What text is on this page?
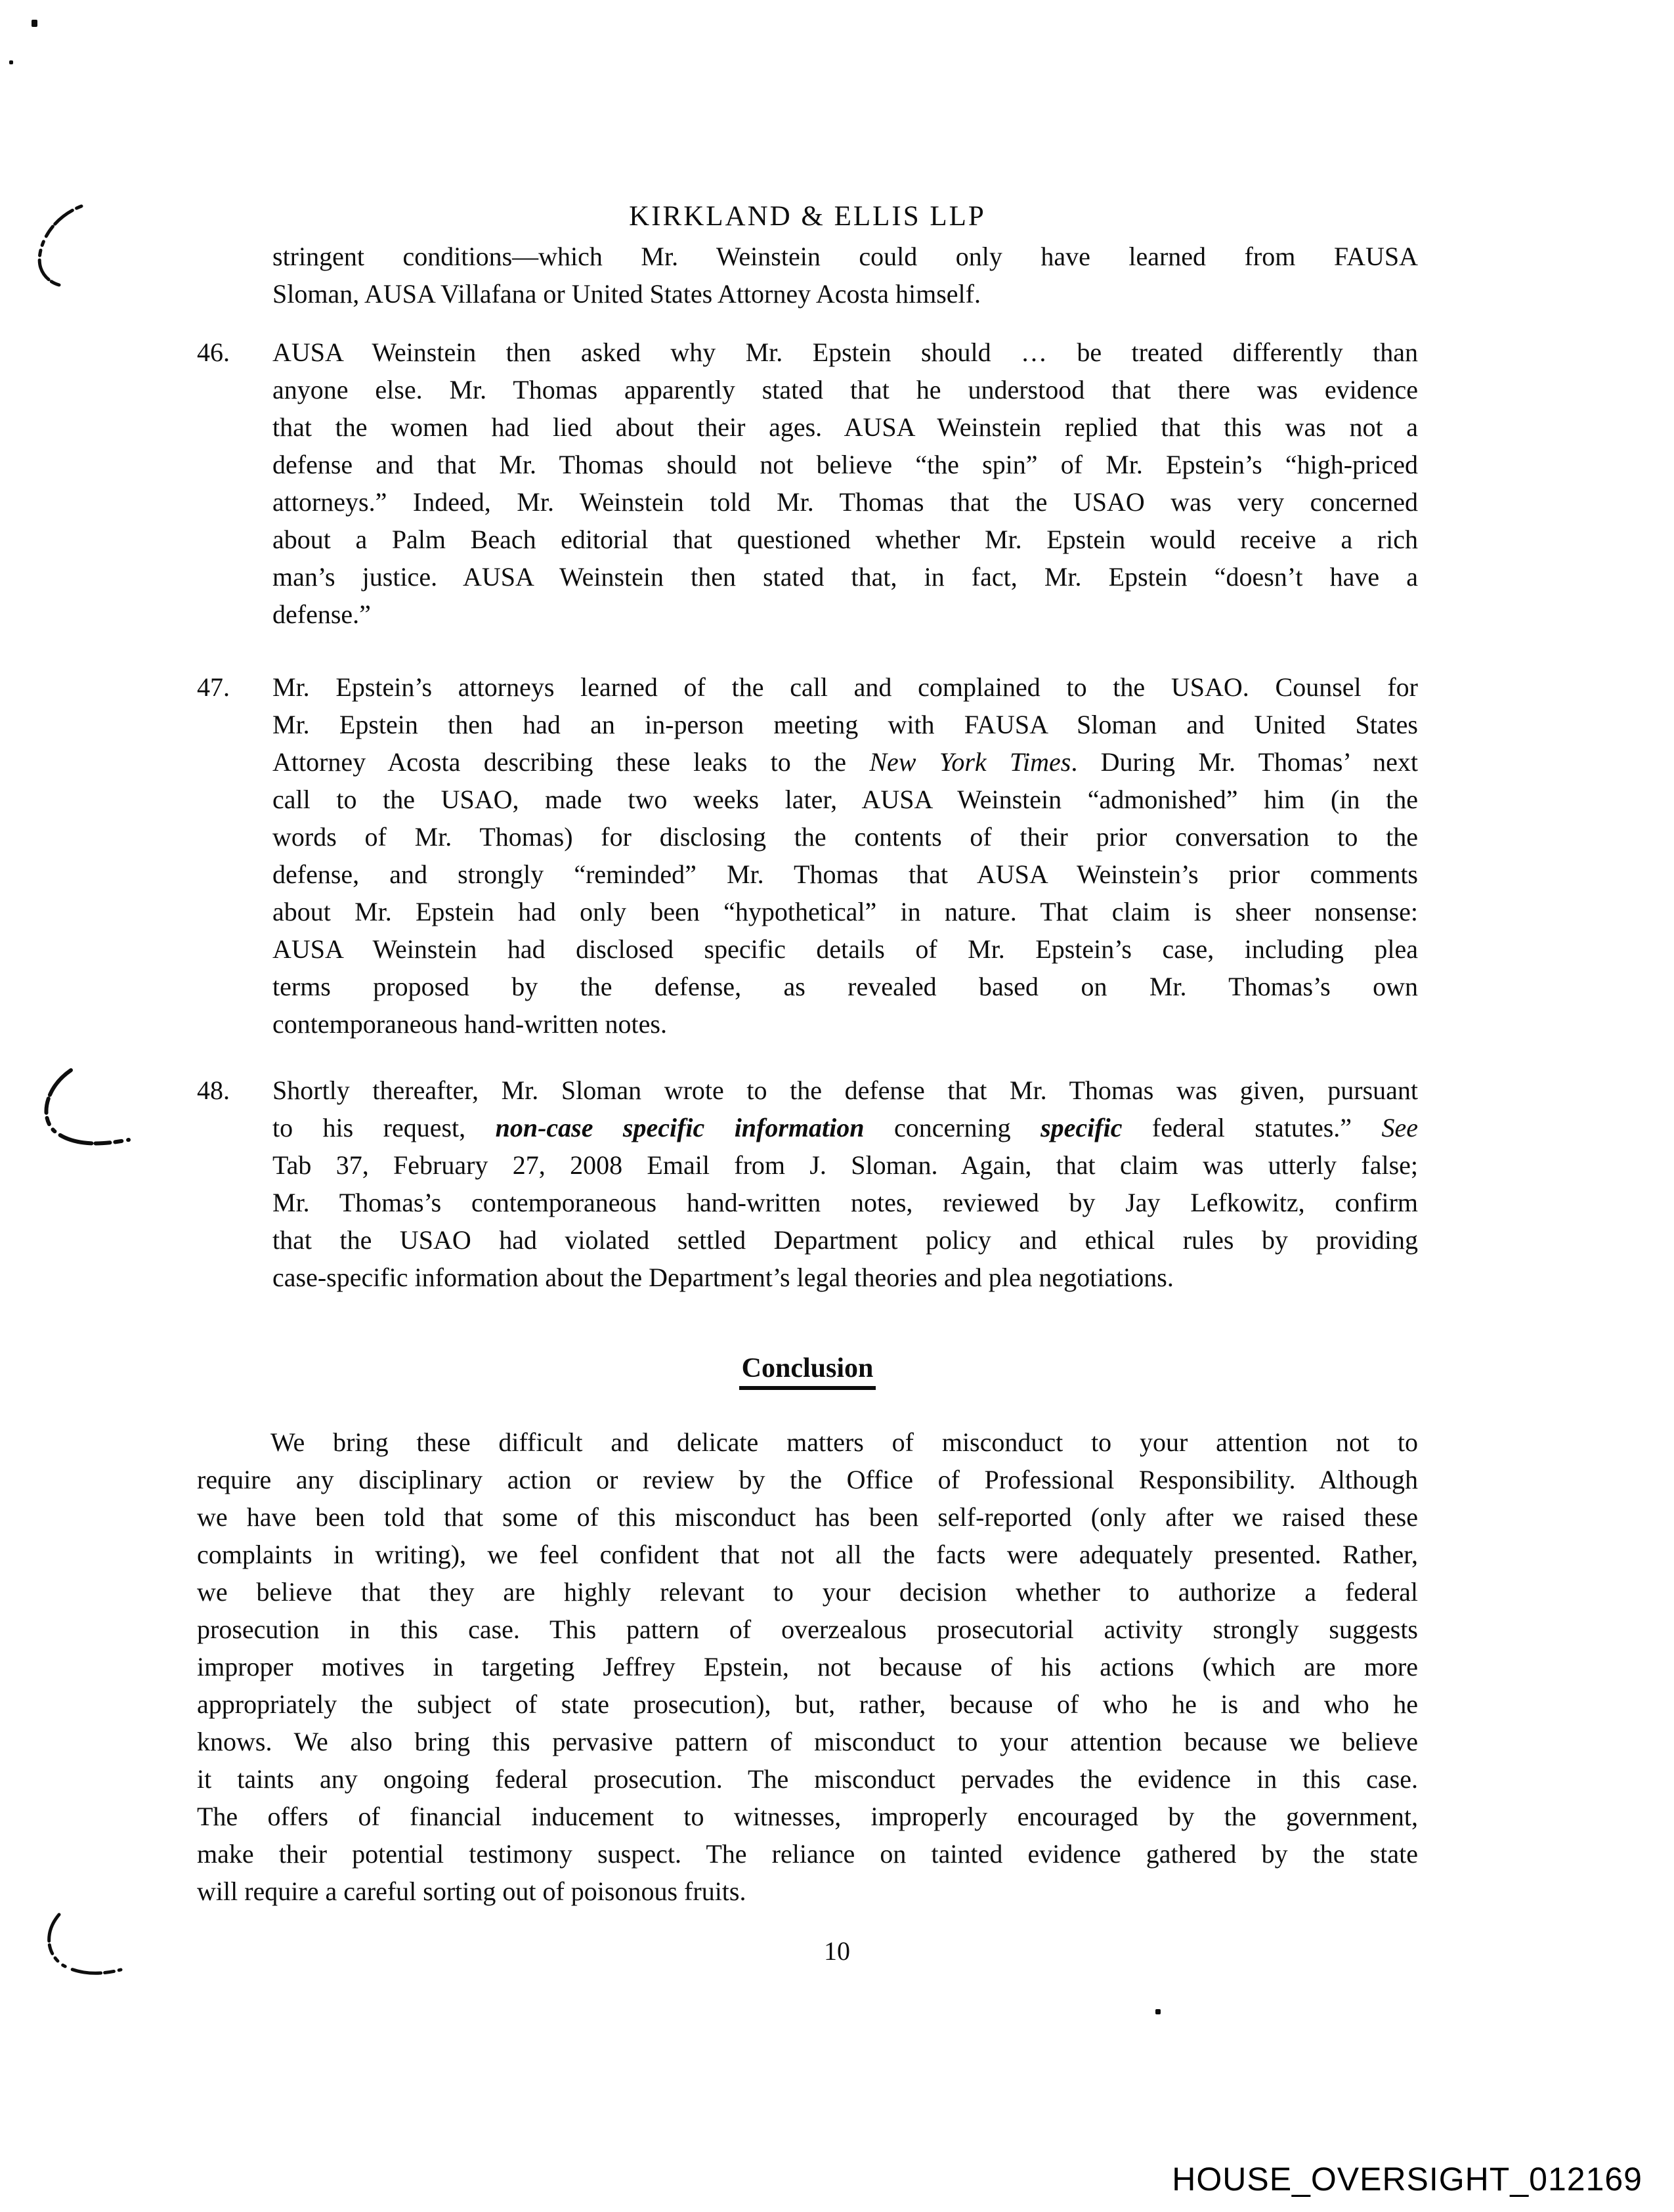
KIRKLAND & ELLIS LLP
stringent conditions—which Mr. Weinstein could only have learned from FAUSA
Sloman, AUSA Villafana or United States Attorney Acosta himself.
46. AUSA Weinstein then asked why Mr. Epstein should … be treated differently than
anyone else. Mr. Thomas apparently stated that he understood that there was evidence
that the women had lied about their ages. AUSA Weinstein replied that this was not a
defense and that Mr. Thomas should not believe “the spin” of Mr. Epstein’s “high-priced
attorneys.” Indeed, Mr. Weinstein told Mr. Thomas that the USAO was very concerned
about a Palm Beach editorial that questioned whether Mr. Epstein would receive a rich
man’s justice. AUSA Weinstein then stated that, in fact, Mr. Epstein “doesn’t have a
defense.”
47. Mr. Epstein’s attorneys learned of the call and complained to the USAO. Counsel for
Mr. Epstein then had an in-person meeting with FAUSA Sloman and United States
Attorney Acosta describing these leaks to the New York Times. During Mr. Thomas’ next
call to the USAO, made two weeks later, AUSA Weinstein “admonished” him (in the
words of Mr. Thomas) for disclosing the contents of their prior conversation to the
defense, and strongly “reminded” Mr. Thomas that AUSA Weinstein’s prior comments
about Mr. Epstein had only been “hypothetical” in nature. That claim is sheer nonsense:
AUSA Weinstein had disclosed specific details of Mr. Epstein’s case, including plea
terms proposed by the defense, as revealed based on Mr. Thomas’s own
contemporaneous hand-written notes.
48. Shortly thereafter, Mr. Sloman wrote to the defense that Mr. Thomas was given, pursuant
to his request, non-case specific information concerning specific federal statutes.” See
Tab 37, February 27, 2008 Email from J. Sloman. Again, that claim was utterly false;
Mr. Thomas’s contemporaneous hand-written notes, reviewed by Jay Lefkowitz, confirm
that the USAO had violated settled Department policy and ethical rules by providing
case-specific information about the Department’s legal theories and plea negotiations.
Conclusion
We bring these difficult and delicate matters of misconduct to your attention not to
require any disciplinary action or review by the Office of Professional Responsibility. Although
we have been told that some of this misconduct has been self-reported (only after we raised these
complaints in writing), we feel confident that not all the facts were adequately presented. Rather,
we believe that they are highly relevant to your decision whether to authorize a federal
prosecution in this case. This pattern of overzealous prosecutorial activity strongly suggests
improper motives in targeting Jeffrey Epstein, not because of his actions (which are more
appropriately the subject of state prosecution), but, rather, because of who he is and who he
knows. We also bring this pervasive pattern of misconduct to your attention because we believe
it taints any ongoing federal prosecution. The misconduct pervades the evidence in this case.
The offers of financial inducement to witnesses, improperly encouraged by the government,
make their potential testimony suspect. The reliance on tainted evidence gathered by the state
will require a careful sorting out of poisonous fruits.
10
HOUSE_OVERSIGHT_012169
